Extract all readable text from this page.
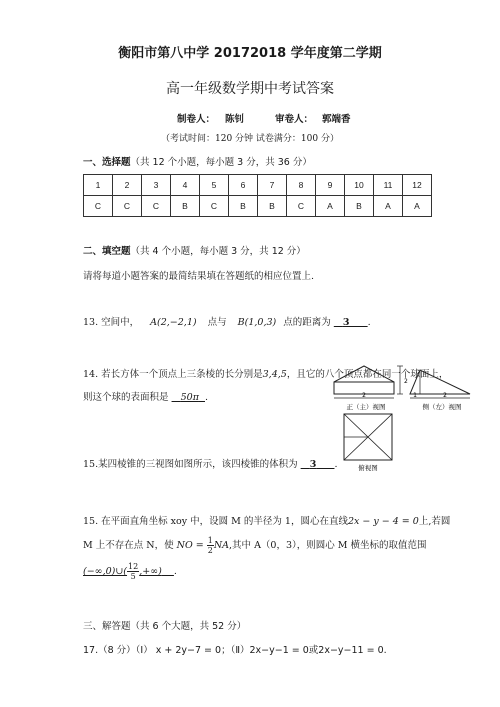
衡阳市第八中学 20172018 学年度第二学期
高一年级数学期中考试答案
制卷人： 陈钊	审卷人： 郭端香
（考试时间：120 分钟 试卷满分：100 分）
一、选择题（共 12 个小题，每小题 3 分，共 36 分）
1	2	3	4	5	6	7	8	9	10	11	12
C	C	C	B	C	B	B	C	A	B	A	A
二、填空题（共 4 个小题，每小题 3 分，共 12 分）
请将每道小题答案的最简结果填在答题纸的相应位置上.
13. 空间中， A(2,−2,1) 点与 B(1,0,3) 点的距离为 3 .
14. 若长方体一个顶点上三条棱的长分别是3,4,5，且它的八个顶点都在同一个球面上，
则这个球的表面积是 50π .	2
正（主）视图
2
1	2
侧（左）视图
俯视图
15.某四棱锥的三视图如图所示，该四棱锥的体积为 3 .
15. 在平面直角坐标 xoy 中，设圆 M 的半径为 1，圆心在直线2x − y − 4 = 0上,若圆
M 上不存在点 N，使 NO = $\frac{1}{2}$ NA,其中 A（0，3），则圆心 M 横坐标的取值范围
(−∞,0)∪( $\frac{12}{5}$ ,+∞) .
三、解答题（共 6 个大题，共 52 分）
17.（8 分）（Ⅰ） x + 2y−7 = 0；（Ⅱ）2x−y−1 = 0或2x−y−11 = 0.
